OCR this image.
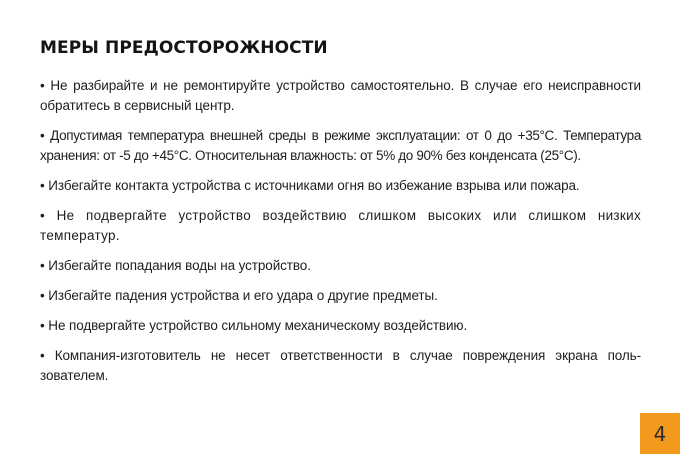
МЕРЫ ПРЕДОСТОРОЖНОСТИ
• Не разбирайте и не ремонтируйте устройство самостоятельно. В случае его неисправности обратитесь в сервисный центр.
• Допустимая температура внешней среды в режиме эксплуатации: от 0 до +35°С. Температура хранения: от -5 до +45°С. Относительная влажность: от 5% до 90% без конденсата (25°С).
• Избегайте контакта устройства с источниками огня во избежание взрыва или пожара.
• Не подвергайте устройство воздействию слишком высоких или слишком низких температур.
• Избегайте попадания воды на устройство.
• Избегайте падения устройства и его удара о другие предметы.
• Не подвергайте устройство сильному механическому воздействию.
• Компания-изготовитель не несет ответственности в случае повреждения экрана поль-зователем.
4
